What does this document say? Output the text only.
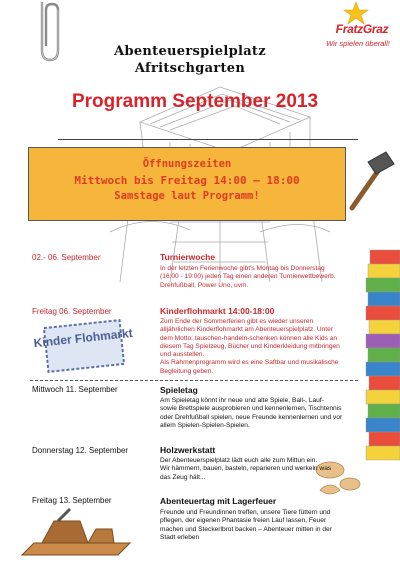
FratzGraz
Wir spielen überall!
Abenteuerspielplatz
Afritschgarten
Programm September 2013
Öffnungszeiten
Mittwoch bis Freitag 14:00 – 18:00
Samstage laut Programm!
02.- 06. September	Turnierwoche
In der letzten Ferienwoche gibt's Montag bis Donnerstag
(16:00 - 19:00) jeden Tag einen anderen Turnierwettbewerb.
Drehfußball, Power Uno, uvm.
Freitag 06. September	Kinderflohmarkt 14:00-18:00
Zum Ende der Sommerferien gibt es wieder unseren
alljährlichen Kinderflohmarkt am Abenteuerspielplatz. Unter
dem Motto: tauschen-handeln-schenken können alle Kids an
diesem Tag Spielzeug, Bücher und Kinderkleidung mitbringen
und ausstellen.
Als Rahmenprogramm wird es eine Saftbar und musikalische
Begleitung geben.
Kinder Flohmarkt
Mittwoch 11. September	Spieletag
Am Spieletag könnt ihr neue und alte Spiele, Ball-, Lauf-
sowie Brettspiele ausprobieren und kennenlernen, Tischtennis
oder Drehfußball spielen, neue Freunde kennenlernen und vor
allem Spielen-Spielen-Spielen.
Donnerstag 12. September	Holzwerkstatt
Der Abenteuerspielplatz lädt euch alle zum Mittun ein.
Wir hämmern, bauen, basteln, reparieren und werkeln was
das Zeug hält...
Freitag 13. September	Abenteuertag mit Lagerfeuer
Freunde und Freundinnen treffen, unsere Tiere füttern und
pflegen, der eigenen Phantasie freien Lauf lassen, Feuer
machen und Steckerlbrot backen – Abenteuer mitten in der
Stadt erleben
